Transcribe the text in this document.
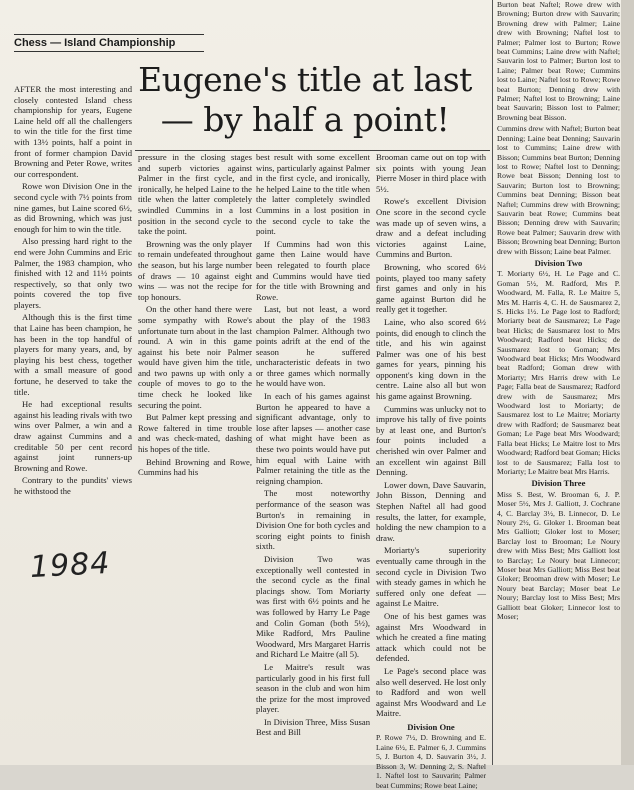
Chess — Island Championship
Eugene's title at last
— by half a point!

AFTER the most interesting and closely contested Island chess championship for years, Eugene Laine held off all the challengers to win the title for the first time with 13½ points, half a point in front of former champion David Browning and Peter Rowe, writes our correspondent.

Rowe won Division One in the second cycle with 7½ points from nine games, but Laine scored 6½, as did Browning, which was just enough for him to win the title.

Also pressing hard right to the end were John Cummins and Eric Palmer, the 1983 champion, who finished with 12 and 11½ points respectively, so that only two points covered the top five players.

Although this is the first time that Laine has been champion, he has been in the top handful of players for many years, and, by playing his best chess, together with a small measure of good fortune, he deserved to take the title.

He had exceptional results against his leading rivals with two wins over Palmer, a win and a draw against Cummins and a creditable 50 per cent record against joint runners-up Browning and Rowe.

Contrary to the pundits' views he withstood the

1984

pressure in the closing stages and superb victories against Palmer in the first cycle, and ironically, he helped Laine to the title when the latter completely swindled Cummins in a lost position in the second cycle to take the point.

Browning was the only player to remain undefeated throughout the season, but his large number of draws — 10 against eight wins — was not the recipe for top honours.

On the other hand there were some sympathy with Rowe's unfortunate turn about in the last round. A win in this game against his bete noir Palmer would have given him the title, and two pawns up with only a couple of moves to go to the time check he looked like securing the point.

But Palmer kept pressing and Rowe faltered in time trouble and was check-mated, dashing his hopes of the title.

Behind Browning and Rowe, Cummins had his

best result with some excellent wins, particularly against Palmer in the first cycle, and ironically, he helped Laine to the title when the latter completely swindled Cummins in a lost position in the second cycle to take the point.

If Cummins had won this game then Laine would have been relegated to fourth place and Cummins would have tied for the title with Browning and Rowe.

Last, but not least, a word about the play of the 1983 champion Palmer. Although two points adrift at the end of the season he suffered uncharacteristic defeats in two or three games which normally he would have won.

In each of his games against Burton he appeared to have a significant advantage, only to lose after lapses — another case of what might have been as these two points would have put him equal with Laine with Palmer retaining the title as the reigning champion.

The most noteworthy performance of the season was Burton's in remaining in Division One for both cycles and scoring eight points to finish sixth.

Division Two was exceptionally well contested in the second cycle as the final placings show. Tom Moriarty was first with 6½ points and he was followed by Harry Le Page and Colin Goman (both 5½), Mike Radford, Mrs Pauline Woodward, Mrs Margaret Harris and Richard Le Maitre (all 5).

Le Maitre's result was particularly good in his first full season in the club and won him the prize for the most improved player.

In Division Three, Miss Susan Best and Bill

Brooman came out on top with six points with young Jean Pierre Moser in third place with 5½.

Rowe's excellent Division One score in the second cycle was made up of seven wins, a draw and a defeat including victories against Laine, Cummins and Burton.

Browning, who scored 6½ points, played too many safety first games and only in his game against Burton did he really get it together.

Laine, who also scored 6½ points, did enough to clinch the title, and his win against Palmer was one of his best games for years, pinning his opponent's king down in the centre. Laine also all but won his game against Browning.

Cummins was unlucky not to improve his tally of five points by at least one, and Burton's four points included a cherished win over Palmer and an excellent win against Bill Denning.

Lower down, Dave Sauvarin, John Bisson, Denning and Stephen Naftel all had good results, the latter, for example, holding the new champion to a draw.

Moriarty's superiority eventually came through in the second cycle in Division Two with steady games in which he suffered only one defeat — against Le Maitre.

One of his best games was against Mrs Woodward in which he created a fine mating attack which could not be defended.

Le Page's second place was also well deserved. He lost only to Radford and won well against Mrs Woodward and Le Maitre.

Division One

P. Rowe 7½, D. Browning and E. Laine 6½, E. Palmer 6, J. Cummins 5, J. Burton 4, D. Sauvarin 3½, J. Bisson 3, W. Denning 2, S. Naftel 1. Naftel lost to Sauvarin; Palmer beat Cummins; Rowe beat Laine;

Burton beat Naftel; Rowe drew with Browning; Burton drew with Sauvarin; Browning drew with Palmer; Laine drew with Browning; Naftel lost to Palmer; Palmer lost to Burton; Rowe beat Cummins; Laine drew with Naftel; Sauvarin lost to Palmer; Burton lost to Laine; Palmer beat Rowe; Cummins lost to Laine; Naftel lost to Rowe; Rowe beat Burton; Denning drew with Palmer; Naftel lost to Browning; Laine beat Sauvarin; Bisson lost to Palmer; Browning beat Bisson.

Cummins drew with Naftel; Burton beat Denning; Laine beat Denning; Sauvarin lost to Cummins; Laine drew with Bisson; Cummins beat Burton; Denning lost to Rowe; Naftel lost to Denning; Rowe beat Bisson; Denning lost to Sauvarin; Burton lost to Browning; Cummins beat Denning; Bisson beat Naftel; Cummins drew with Browning; Sauvarin beat Rowe; Cummins beat Bisson; Denning drew with Sauvarin; Rowe beat Palmer; Sauvarin drew with Bisson; Browning beat Denning; Burton drew with Bisson; Laine beat Palmer.

Division Two

T. Moriarty 6½, H. Le Page and C. Goman 5½, M. Radford, Mrs P. Woodward, M. Falla, R. Le Maitre 5, Mrs M. Harris 4, C. H. de Sausmarez 2, S. Hicks 1½. Le Page lost to Radford; Moriarty beat de Sausmarez; Le Page beat Hicks; de Sausmarez lost to Mrs Woodward; Radford beat Hicks; de Sausmarez lost to Goman; Mrs Woodward beat Hicks; Mrs Woodward beat Radford; Goman drew with Moriarty; Mrs Harris drew with Le Page; Falla beat de Sausmarez; Radford drew with de Sausmarez; Mrs Woodward lost to Moriarty; de Sausmarez lost to Le Maitre; Moriarty drew with Radford; de Sausmarez beat Goman; Le Page beat Mrs Woodward; Falla beat Hicks; Le Maitre lost to Mrs Woodward; Radford beat Goman; Hicks lost to de Sausmarez; Falla lost to Moriarty; Le Maitre beat Mrs Harris.

Division Three

Miss S. Best, W. Brooman 6, J. P. Moser 5½, Mrs J. Galliott, J. Cochrane 4, C. Barclay 3½, B. Linnecor, D. Le Noury 2½, G. Gloker 1. Brooman beat Mrs Galliott; Gloker lost to Moser; Barclay lost to Brooman; Le Noury drew with Miss Best; Mrs Galliott lost to Barclay; Le Noury beat Linnecor; Moser beat Mrs Galliott; Miss Best beat Gloker; Brooman drew with Moser; Le Noury beat Barclay; Moser beat Le Noury; Barclay lost to Miss Best; Mrs Galliott beat Gloker; Linnecor lost to Moser;
